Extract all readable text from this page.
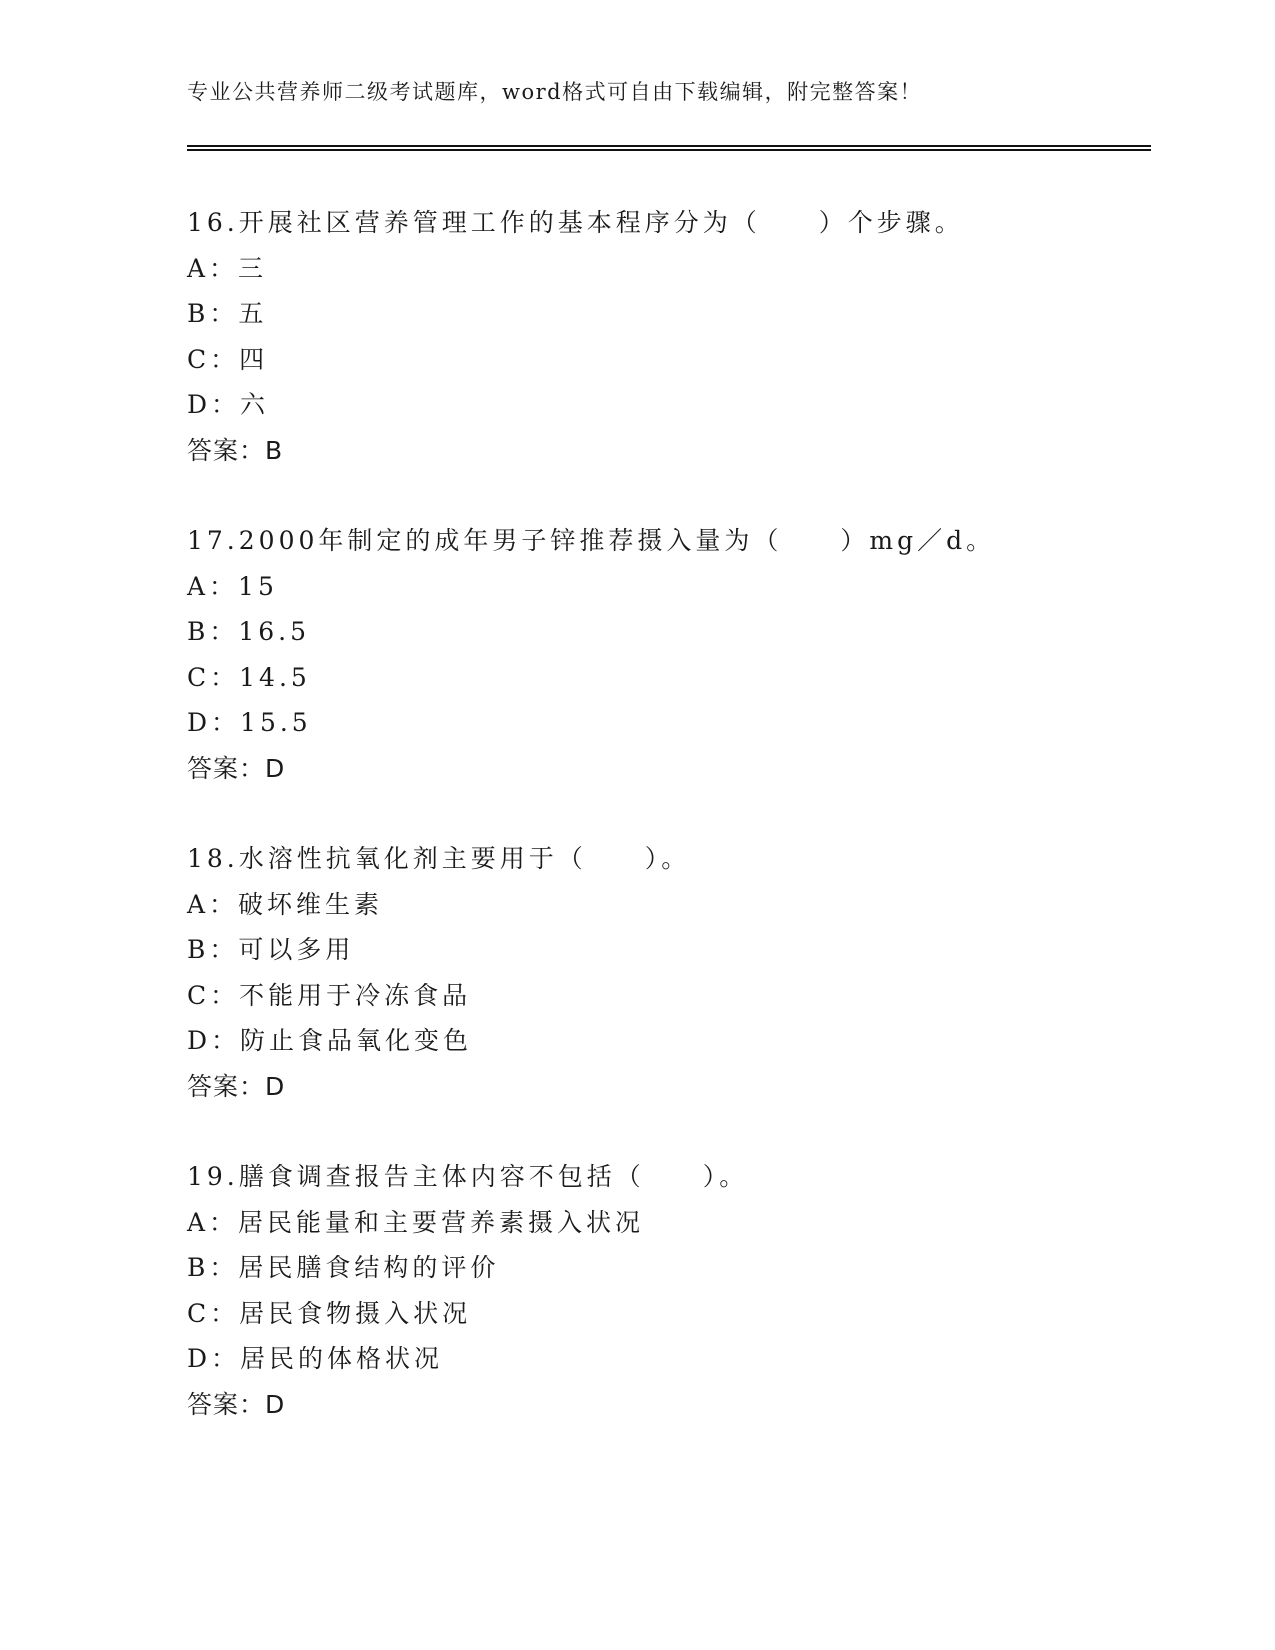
专业公共营养师二级考试题库，word格式可自由下载编辑，附完整答案！
16.开展社区营养管理工作的基本程序分为（　　）个步骤。
A：三
B：五
C：四
D：六
答案：B
17.2000年制定的成年男子锌推荐摄入量为（　　）mg／d。
A：15
B：16.5
C：14.5
D：15.5
答案：D
18.水溶性抗氧化剂主要用于（　　）。
A：破坏维生素
B：可以多用
C：不能用于冷冻食品
D：防止食品氧化变色
答案：D
19.膳食调查报告主体内容不包括（　　）。
A：居民能量和主要营养素摄入状况
B：居民膳食结构的评价
C：居民食物摄入状况
D：居民的体格状况
答案：D
